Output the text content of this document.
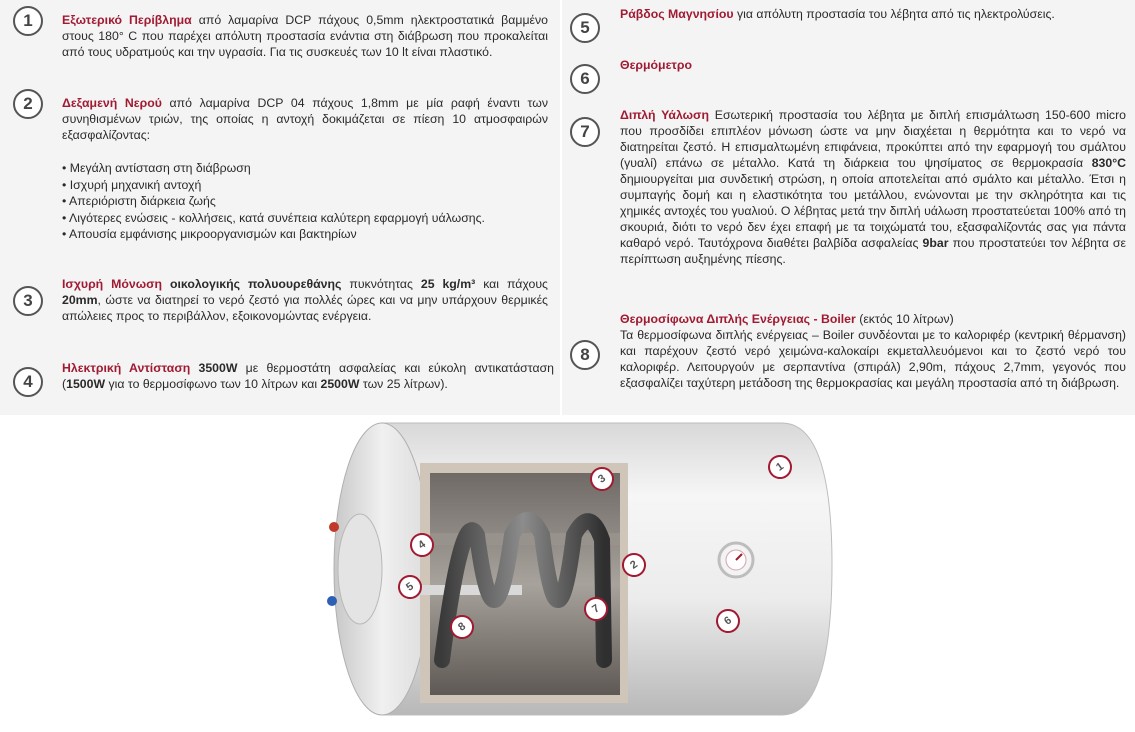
1	Εξωτερικό Περίβλημα από λαμαρίνα DCP πάχους 0,5mm ηλεκτροστατικά βαμμένο στους 180° C που παρέχει απόλυτη προστασία ενάντια στη διάβρωση που προκαλείται από τους υδρατμούς και την υγρασία. Για τις συσκευές των 10 lt είναι πλαστικό.
2	Δεξαμενή Νερού από λαμαρίνα DCP 04 πάχους 1,8mm με μία ραφή έναντι των συνηθισμένων τριών, της οποίας η αντοχή δοκιμάζεται σε πίεση 10 ατμοσφαιρών εξασφαλίζοντας:
• Μεγάλη αντίσταση στη διάβρωση
• Ισχυρή μηχανική αντοχή
• Απεριόριστη διάρκεια ζωής
• Λιγότερες ενώσεις - κολλήσεις, κατά συνέπεια καλύτερη εφαρμογή υάλωσης.
• Απουσία εμφάνισης μικροοργανισμών και βακτηρίων
3
Ισχυρή Μόνωση οικολογικής πολυουρεθάνης πυκνότητας 25 kg/m³ και πάχους 20mm, ώστε να διατηρεί το νερό ζεστό για πολλές ώρες και να μην υπάρχουν θερμικές απώλειες προς το περιβάλλον, εξοικονομώντας ενέργεια.
4
Ηλεκτρική Αντίσταση 3500W με θερμοστάτη ασφαλείας και εύκολη αντικατάσταση (1500W για το θερμοσίφωνο των 10 λίτρων και 2500W των 25 λίτρων).
5
Ράβδος Μαγνησίου για απόλυτη προστασία του λέβητα από τις ηλεκτρολύσεις.
6
Θερμόμετρο
7
Διπλή Υάλωση Εσωτερική προστασία του λέβητα με διπλή επισμάλτωση 150-600 micro που προσδίδει επιπλέον μόνωση ώστε να μην διαχέεται η θερμότητα και το νερό να διατηρείται ζεστό. Η επισμαλτωμένη επιφάνεια, προκύπτει από την εφαρμογή του σμάλτου (γυαλί) επάνω σε μέταλλο. Κατά τη διάρκεια του ψησίματος σε θερμοκρασία 830°C δημιουργείται μια συνδετική στρώση, η οποία αποτελείται από σμάλτο και μέταλλο. Έτσι η συμπαγής δομή και η ελαστικότητα του μετάλλου, ενώνονται με την σκληρότητα και τις χημικές αντοχές του γυαλιού. Ο λέβητας μετά την διπλή υάλωση προστατεύεται 100% από τη σκουριά, διότι το νερό δεν έχει επαφή με τα τοιχώματά του, εξασφαλίζοντάς σας για πάντα καθαρό νερό. Ταυτόχρονα διαθέτει βαλβίδα ασφαλείας 9bar που προστατεύει τον λέβητα σε περίπτωση αυξημένης πίεσης.
8
Θερμοσίφωνα Διπλής Ενέργειας - Boiler (εκτός 10 λίτρων)
Τα θερμοσίφωνα διπλής ενέργειας – Boiler συνδέονται με το καλοριφέρ (κεντρική θέρμανση) και παρέχουν ζεστό νερό χειμώνα-καλοκαίρι εκμεταλλευόμενοι και το ζεστό νερό του καλοριφέρ. Λειτουργούν με σερπαντίνα (σπιράλ) 2,90m, πάχους 2,7mm, γεγονός που εξασφαλίζει ταχύτερη μετάδοση της θερμοκρασίας και μεγάλη προστασία από τη διάβρωση.
1
2
3
4
5
6
7
8
